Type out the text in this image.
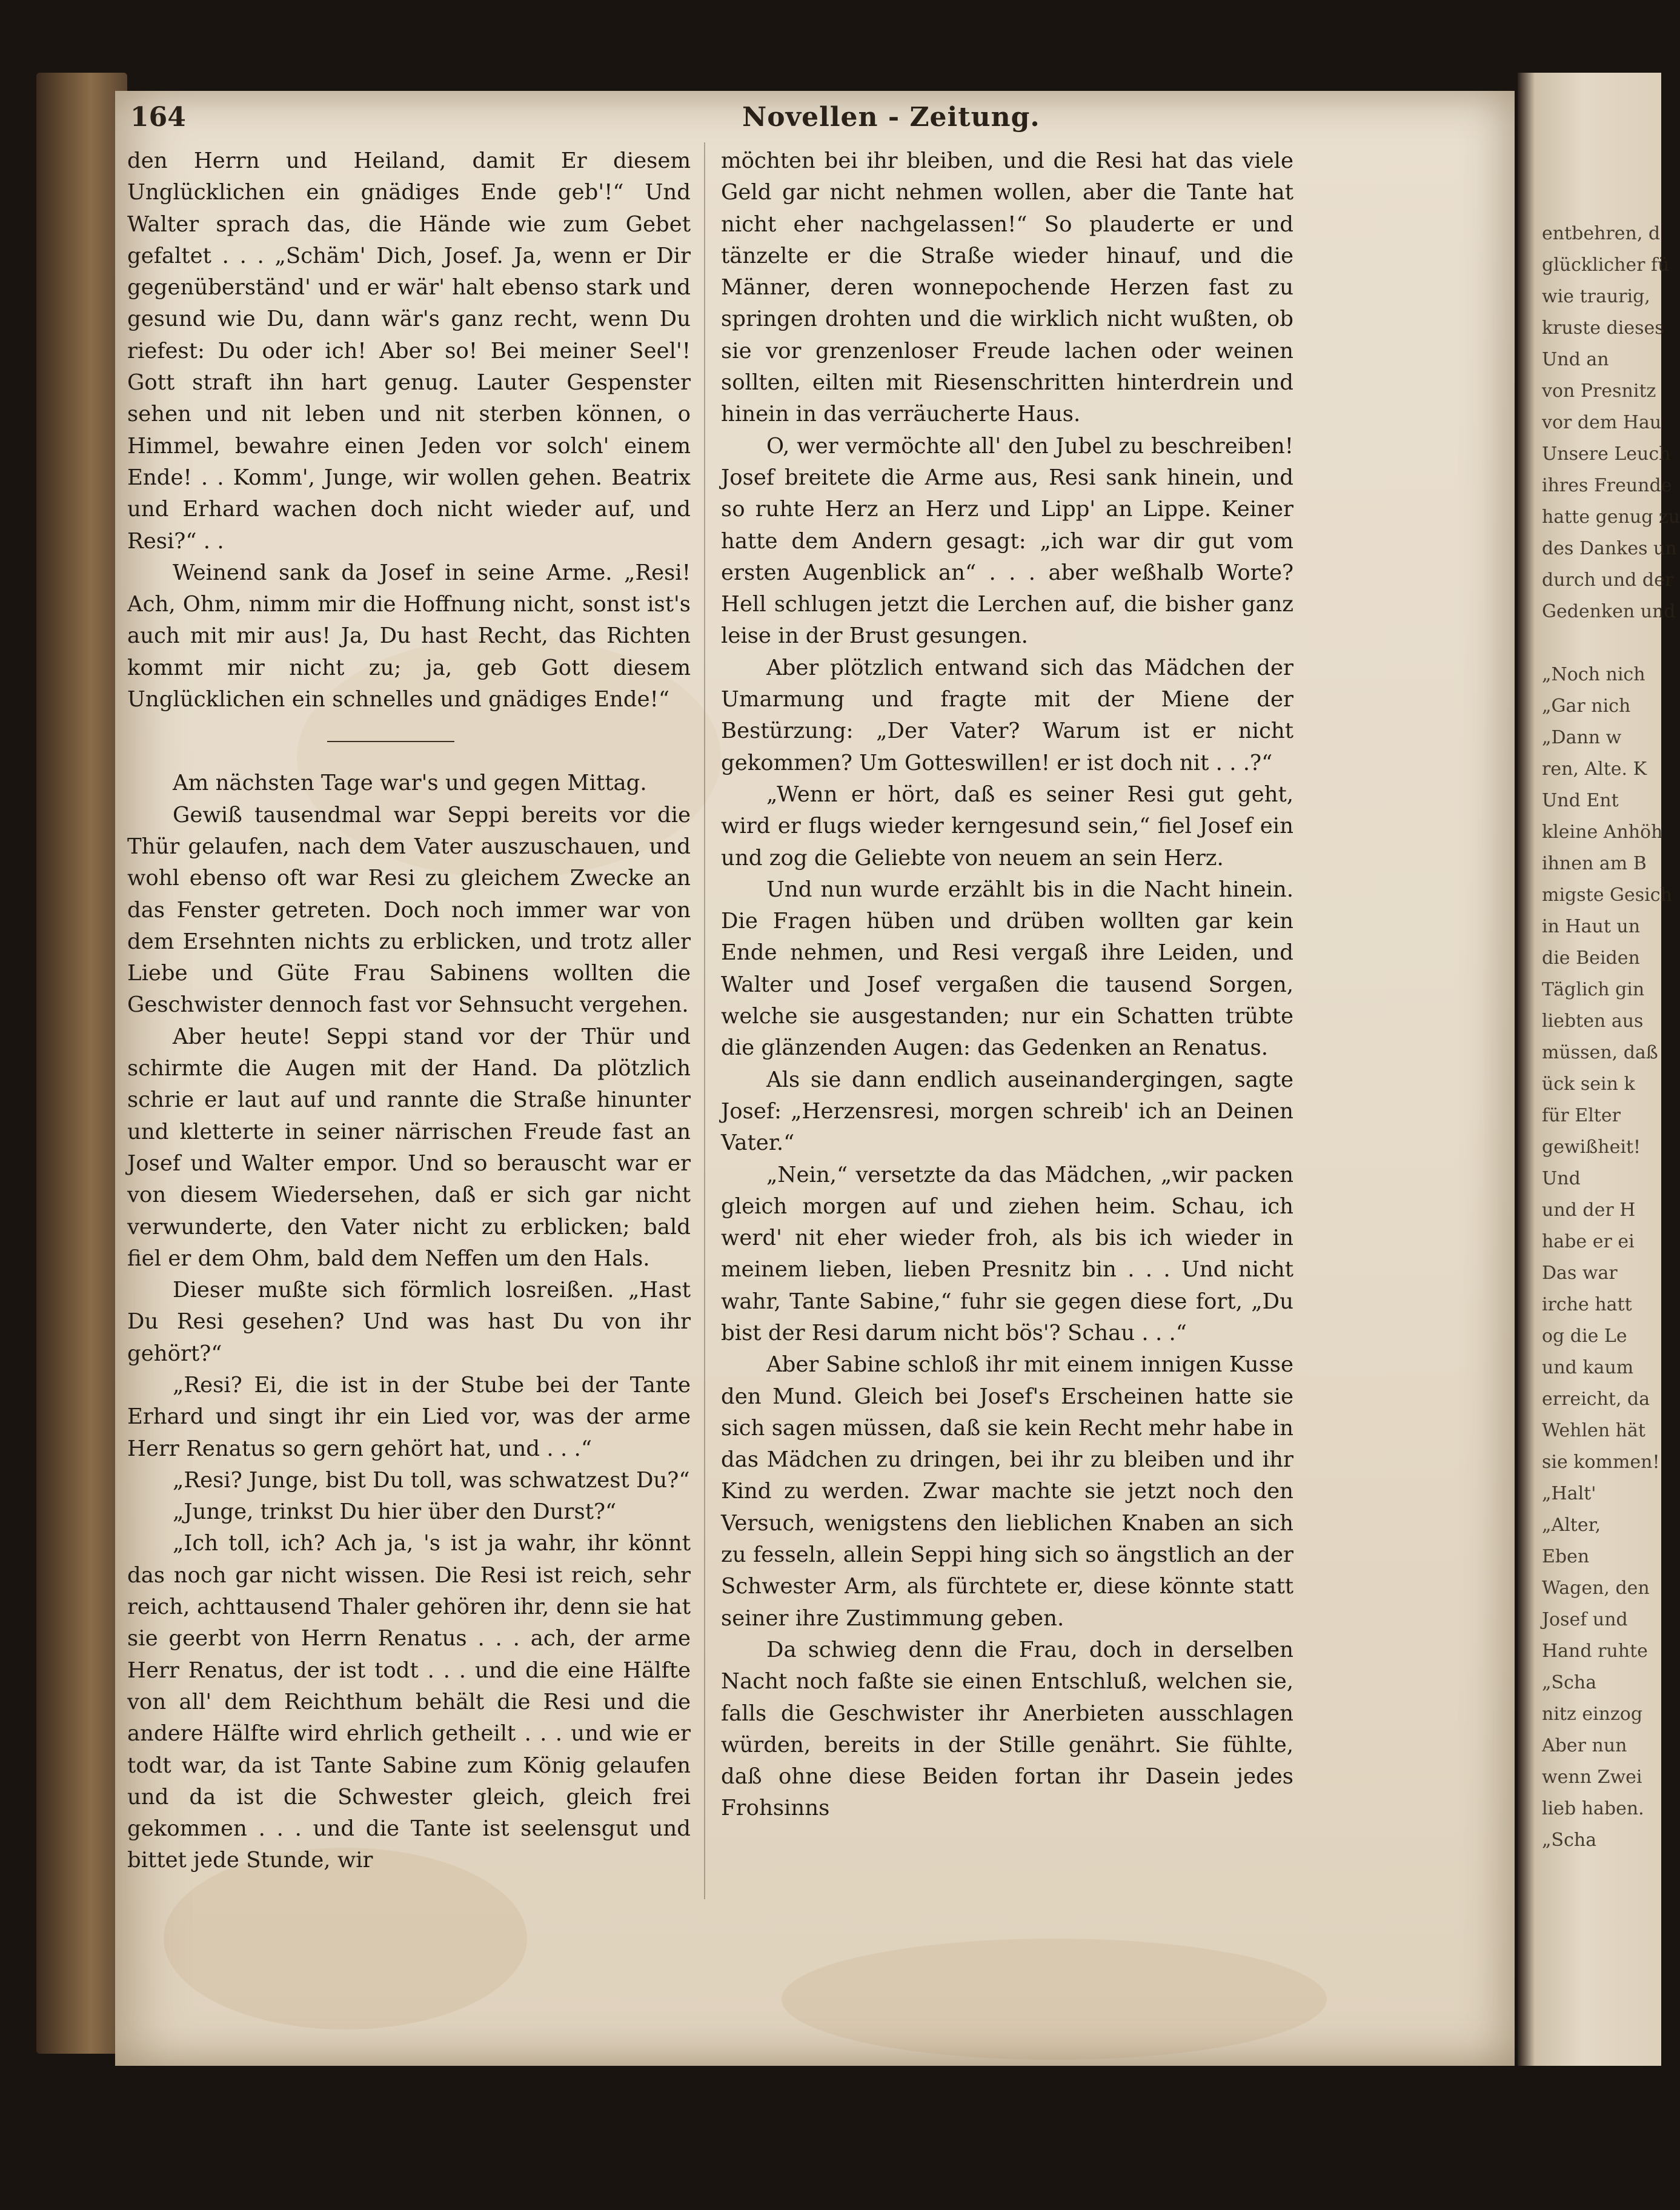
164	Novellen - Zeitung.

den Herrn und Heiland, damit Er diesem Unglücklichen ein gnädiges Ende geb'!“ Und Walter sprach das, die Hände wie zum Gebet gefaltet . . . „Schäm' Dich, Josef. Ja, wenn er Dir gegenüberständ' und er wär' halt ebenso stark und gesund wie Du, dann wär's ganz recht, wenn Du riefest: Du oder ich! Aber so! Bei meiner Seel'! Gott straft ihn hart genug. Lauter Gespenster sehen und nit leben und nit sterben können, o Himmel, bewahre einen Jeden vor solch' einem Ende! . . Komm', Junge, wir wollen gehen. Beatrix und Erhard wachen doch nicht wieder auf, und Resi?“ . .

Weinend sank da Josef in seine Arme. „Resi! Ach, Ohm, nimm mir die Hoffnung nicht, sonst ist's auch mit mir aus! Ja, Du hast Recht, das Richten kommt mir nicht zu; ja, geb Gott diesem Unglücklichen ein schnelles und gnädiges Ende!“

Am nächsten Tage war's und gegen Mittag.

Gewiß tausendmal war Seppi bereits vor die Thür gelaufen, nach dem Vater auszuschauen, und wohl ebenso oft war Resi zu gleichem Zwecke an das Fenster getreten. Doch noch immer war von dem Ersehnten nichts zu erblicken, und trotz aller Liebe und Güte Frau Sabinens wollten die Geschwister dennoch fast vor Sehnsucht vergehen.

Aber heute! Seppi stand vor der Thür und schirmte die Augen mit der Hand. Da plötzlich schrie er laut auf und rannte die Straße hinunter und kletterte in seiner närrischen Freude fast an Josef und Walter empor. Und so berauscht war er von diesem Wiedersehen, daß er sich gar nicht verwunderte, den Vater nicht zu erblicken; bald fiel er dem Ohm, bald dem Neffen um den Hals.

Dieser mußte sich förmlich losreißen. „Hast Du Resi gesehen? Und was hast Du von ihr gehört?“

„Resi? Ei, die ist in der Stube bei der Tante Erhard und singt ihr ein Lied vor, was der arme Herr Renatus so gern gehört hat, und . . .“

„Resi? Junge, bist Du toll, was schwatzest Du?“

„Junge, trinkst Du hier über den Durst?“

„Ich toll, ich? Ach ja, 's ist ja wahr, ihr könnt das noch gar nicht wissen. Die Resi ist reich, sehr reich, achttausend Thaler gehören ihr, denn sie hat sie geerbt von Herrn Renatus . . . ach, der arme Herr Renatus, der ist todt . . . und die eine Hälfte von all' dem Reichthum behält die Resi und die andere Hälfte wird ehrlich getheilt . . . und wie er todt war, da ist Tante Sabine zum König gelaufen und da ist die Schwester gleich, gleich frei gekommen . . . und die Tante ist seelensgut und bittet jede Stunde, wir

möchten bei ihr bleiben, und die Resi hat das viele Geld gar nicht nehmen wollen, aber die Tante hat nicht eher nachgelassen!“ So plauderte er und tänzelte er die Straße wieder hinauf, und die Männer, deren wonnepochende Herzen fast zu springen drohten und die wirklich nicht wußten, ob sie vor grenzenloser Freude lachen oder weinen sollten, eilten mit Riesenschritten hinterdrein und hinein in das verräucherte Haus.

O, wer vermöchte all' den Jubel zu beschreiben! Josef breitete die Arme aus, Resi sank hinein, und so ruhte Herz an Herz und Lipp' an Lippe. Keiner hatte dem Andern gesagt: „ich war dir gut vom ersten Augenblick an“ . . . aber weßhalb Worte? Hell schlugen jetzt die Lerchen auf, die bisher ganz leise in der Brust gesungen.

Aber plötzlich entwand sich das Mädchen der Umarmung und fragte mit der Miene der Bestürzung: „Der Vater? Warum ist er nicht gekommen? Um Gotteswillen! er ist doch nit . . .?“

„Wenn er hört, daß es seiner Resi gut geht, wird er flugs wieder kerngesund sein,“ fiel Josef ein und zog die Geliebte von neuem an sein Herz.

Und nun wurde erzählt bis in die Nacht hinein. Die Fragen hüben und drüben wollten gar kein Ende nehmen, und Resi vergaß ihre Leiden, und Walter und Josef vergaßen die tausend Sorgen, welche sie ausgestanden; nur ein Schatten trübte die glänzenden Augen: das Gedenken an Renatus.

Als sie dann endlich auseinandergingen, sagte Josef: „Herzensresi, morgen schreib' ich an Deinen Vater.“

„Nein,“ versetzte da das Mädchen, „wir packen gleich morgen auf und ziehen heim. Schau, ich werd' nit eher wieder froh, als bis ich wieder in meinem lieben, lieben Presnitz bin . . . Und nicht wahr, Tante Sabine,“ fuhr sie gegen diese fort, „Du bist der Resi darum nicht bös'? Schau . . .“

Aber Sabine schloß ihr mit einem innigen Kusse den Mund. Gleich bei Josef's Erscheinen hatte sie sich sagen müssen, daß sie kein Recht mehr habe in das Mädchen zu dringen, bei ihr zu bleiben und ihr Kind zu werden. Zwar machte sie jetzt noch den Versuch, wenigstens den lieblichen Knaben an sich zu fesseln, allein Seppi hing sich so ängstlich an der Schwester Arm, als fürchtete er, diese könnte statt seiner ihre Zustimmung geben.

Da schwieg denn die Frau, doch in derselben Nacht noch faßte sie einen Entschluß, welchen sie, falls die Geschwister ihr Anerbieten ausschlagen würden, bereits in der Stille genährt. Sie fühlte, daß ohne diese Beiden fortan ihr Dasein jedes Frohsinns

entbehren, d
glücklicher fü
wie traurig,
kruste dieses
Und an
von Presnitz
vor dem Hau
Unsere Leuch
ihres Freunde
hatte genug zu
des Dankes un
durch und der
Gedenken und

„Noch nich
„Gar nich
„Dann w
ren, Alte. K
Und Ent
kleine Anhöh
ihnen am B
migste Gesich
in Haut un
die Beiden
Täglich gin
liebten aus
müssen, daß
ück sein k
für Elter
gewißheit!
Und
und der H
habe er ei
Das war
irche hatt
og die Le
und kaum
erreicht, da
Wehlen hät
sie kommen!
„Halt'
„Alter,
Eben
Wagen, den
Josef und
Hand ruhte
„Scha
nitz einzog
Aber nun
wenn Zwei
lieb haben.
„Scha
